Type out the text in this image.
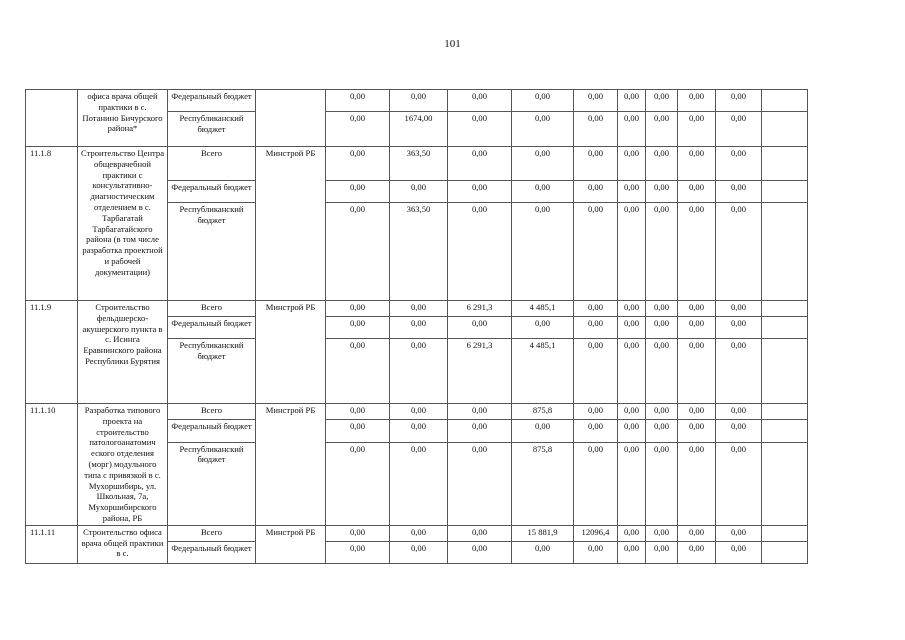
101
	офиса врача общей практики в с. Потанино Бичурского района*	Федеральный бюджет		0,00	0,00	0,00	0,00	0,00	0,00	0,00	0,00	0,00	
		Республиканский бюджет		0,00	1674,00	0,00	0,00	0,00	0,00	0,00	0,00	0,00	
11.1.8	Строительство Центра общеврачебной практики с консультативно-диагностическим отделением в с. Тарбагатай Тарбагатайского района (в том числе разработка проектной и рабочей документации)	Всего	Минстрой РБ	0,00	363,50	0,00	0,00	0,00	0,00	0,00	0,00	0,00	
		Федеральный бюджет		0,00	0,00	0,00	0,00	0,00	0,00	0,00	0,00	0,00	
		Республиканский бюджет		0,00	363,50	0,00	0,00	0,00	0,00	0,00	0,00	0,00	
11.1.9	Строительство фельдшерско-акушерского пункта в с. Исинга Еравнинского района Республики Бурятия	Всего	Минстрой РБ	0,00	0,00	6 291,3	4 485,1	0,00	0,00	0,00	0,00	0,00	
		Федеральный бюджет		0,00	0,00	0,00	0,00	0,00	0,00	0,00	0,00	0,00	
		Республиканский бюджет		0,00	0,00	6 291,3	4 485,1	0,00	0,00	0,00	0,00	0,00	
11.1.10	Разработка типового проекта на строительство патологоанатомич еского отделения (морг) модульного типа с привязкой в с. Мухоршибирь, ул. Школьная, 7а, Мухоршибирского района, РБ	Всего	Минстрой РБ	0,00	0,00	0,00	875,8	0,00	0,00	0,00	0,00	0,00	
		Федеральный бюджет		0,00	0,00	0,00	0,00	0,00	0,00	0,00	0,00	0,00	
		Республиканский бюджет		0,00	0,00	0,00	875,8	0,00	0,00	0,00	0,00	0,00	
11.1.11	Строительство офиса врача общей практики в с.	Всего	Минстрой РБ	0,00	0,00	0,00	15 881,9	12096,4	0,00	0,00	0,00	0,00	
		Федеральный бюджет		0,00	0,00	0,00	0,00	0,00	0,00	0,00	0,00	0,00	
